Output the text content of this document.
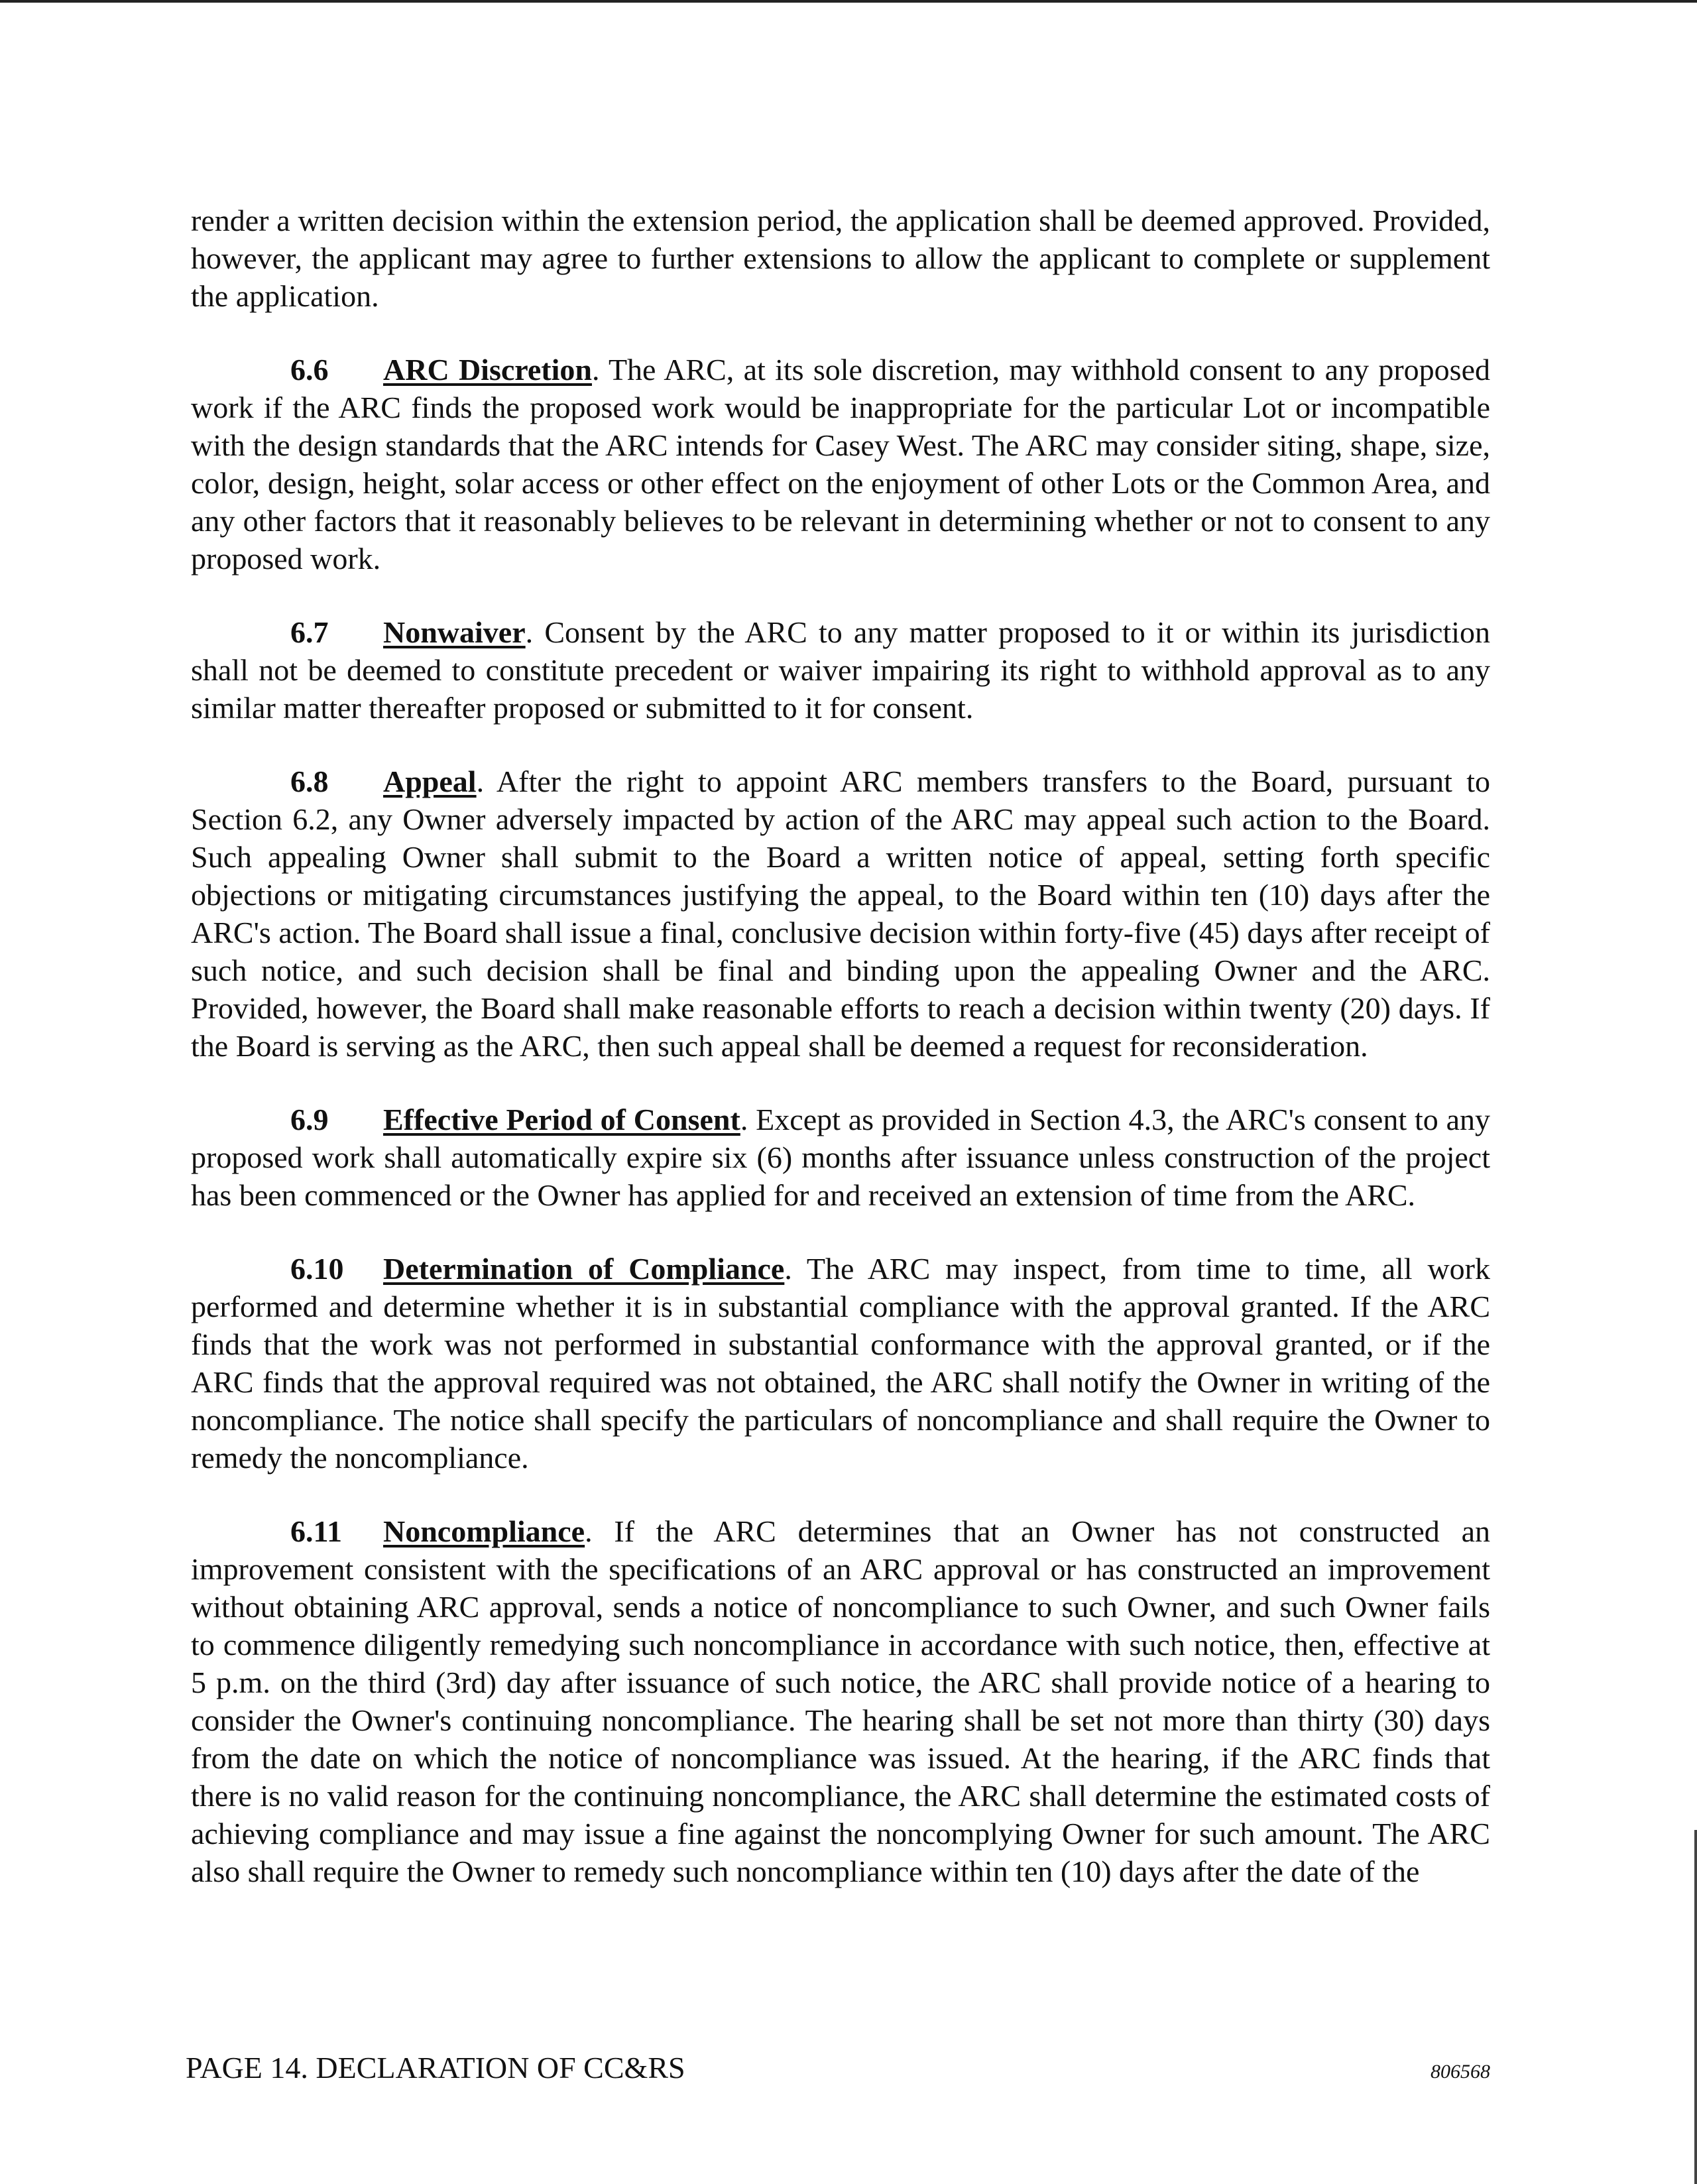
render a written decision within the extension period, the application shall be deemed approved. Provided, however, the applicant may agree to further extensions to allow the applicant to complete or supplement the application.

6.6 ARC Discretion. The ARC, at its sole discretion, may withhold consent to any proposed work if the ARC finds the proposed work would be inappropriate for the particular Lot or incompatible with the design standards that the ARC intends for Casey West. The ARC may consider siting, shape, size, color, design, height, solar access or other effect on the enjoyment of other Lots or the Common Area, and any other factors that it reasonably believes to be relevant in determining whether or not to consent to any proposed work.

6.7 Nonwaiver. Consent by the ARC to any matter proposed to it or within its jurisdiction shall not be deemed to constitute precedent or waiver impairing its right to withhold approval as to any similar matter thereafter proposed or submitted to it for consent.

6.8 Appeal. After the right to appoint ARC members transfers to the Board, pursuant to Section 6.2, any Owner adversely impacted by action of the ARC may appeal such action to the Board. Such appealing Owner shall submit to the Board a written notice of appeal, setting forth specific objections or mitigating circumstances justifying the appeal, to the Board within ten (10) days after the ARC's action. The Board shall issue a final, conclusive decision within forty-five (45) days after receipt of such notice, and such decision shall be final and binding upon the appealing Owner and the ARC. Provided, however, the Board shall make reasonable efforts to reach a decision within twenty (20) days. If the Board is serving as the ARC, then such appeal shall be deemed a request for reconsideration.

6.9 Effective Period of Consent. Except as provided in Section 4.3, the ARC's consent to any proposed work shall automatically expire six (6) months after issuance unless construction of the project has been commenced or the Owner has applied for and received an extension of time from the ARC.

6.10 Determination of Compliance. The ARC may inspect, from time to time, all work performed and determine whether it is in substantial compliance with the approval granted. If the ARC finds that the work was not performed in substantial conformance with the approval granted, or if the ARC finds that the approval required was not obtained, the ARC shall notify the Owner in writing of the noncompliance. The notice shall specify the particulars of noncompliance and shall require the Owner to remedy the noncompliance.

6.11 Noncompliance. If the ARC determines that an Owner has not constructed an improvement consistent with the specifications of an ARC approval or has constructed an improvement without obtaining ARC approval, sends a notice of noncompliance to such Owner, and such Owner fails to commence diligently remedying such noncompliance in accordance with such notice, then, effective at 5 p.m. on the third (3rd) day after issuance of such notice, the ARC shall provide notice of a hearing to consider the Owner's continuing noncompliance. The hearing shall be set not more than thirty (30) days from the date on which the notice of noncompliance was issued. At the hearing, if the ARC finds that there is no valid reason for the continuing noncompliance, the ARC shall determine the estimated costs of achieving compliance and may issue a fine against the noncomplying Owner for such amount. The ARC also shall require the Owner to remedy such noncompliance within ten (10) days after the date of the

PAGE 14. DECLARATION OF CC&RS	806568
